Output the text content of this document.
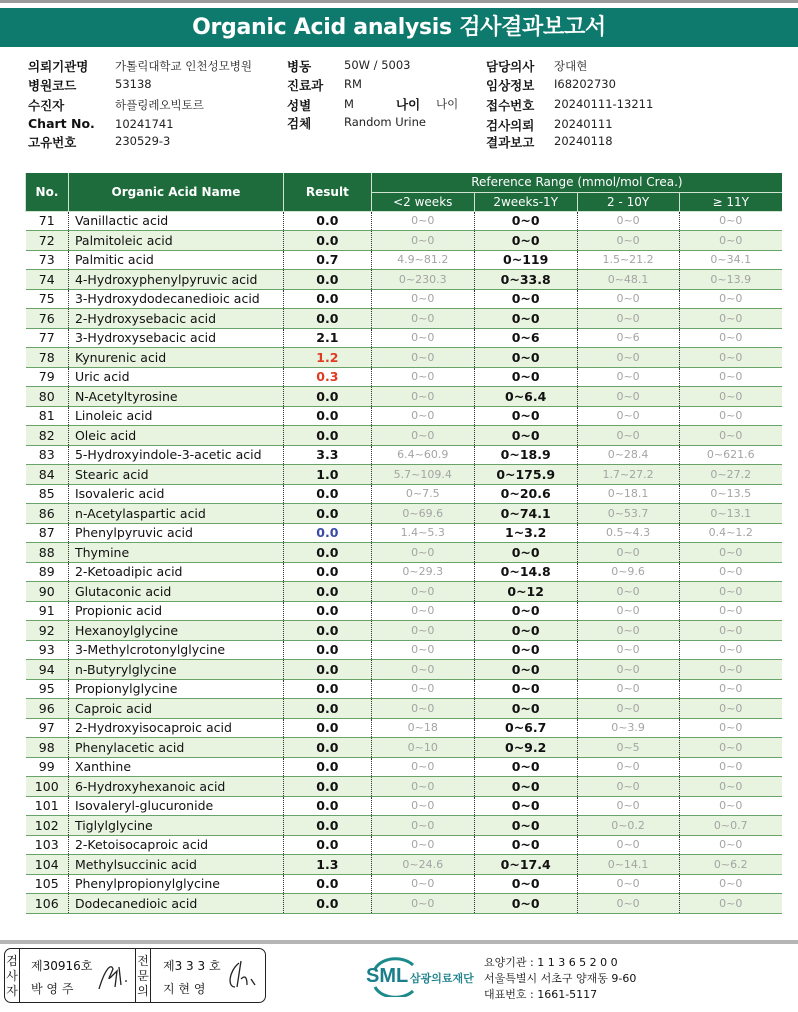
Organic Acid analysis 검사결과보고서
의뢰기관명 가톨릭대학교 인천성모병원
병원코드	53138
수진자	하플링레오빅토르
Chart No. 10241741
고유번호	230529-3
병동	50W / 5003
진료과 RM
성별	M
검체	Random Urine
담당의사 장대현
임상정보 I68202730
접수번호 20240111-13211
검사의뢰 20240111
결과보고 20240118
나이 나이
No.	Organic Acid Name	Result	Reference Range (mmol/mol Crea.)			
			<2 weeks	2weeks-1Y	2 - 10Y	≥ 11Y
71	Vanillactic acid	0.0	0~0	0~0	0~0	0~0
72	Palmitoleic acid	0.0	0~0	0~0	0~0	0~0
73	Palmitic acid	0.7	4.9~81.2	0~119	1.5~21.2	0~34.1
74	4-Hydroxyphenylpyruvic acid	0.0	0~230.3	0~33.8	0~48.1	0~13.9
75	3-Hydroxydodecanedioic acid	0.0	0~0	0~0	0~0	0~0
76	2-Hydroxysebacic acid	0.0	0~0	0~0	0~0	0~0
77	3-Hydroxysebacic acid	2.1	0~0	0~6	0~6	0~0
78	Kynurenic acid	1.2	0~0	0~0	0~0	0~0
79	Uric acid	0.3	0~0	0~0	0~0	0~0
80	N-Acetyltyrosine	0.0	0~0	0~6.4	0~0	0~0
81	Linoleic acid	0.0	0~0	0~0	0~0	0~0
82	Oleic acid	0.0	0~0	0~0	0~0	0~0
83	5-Hydroxyindole-3-acetic acid	3.3	6.4~60.9	0~18.9	0~28.4	0~621.6
84	Stearic acid	1.0	5.7~109.4	0~175.9	1.7~27.2	0~27.2
85	Isovaleric acid	0.0	0~7.5	0~20.6	0~18.1	0~13.5
86	n-Acetylaspartic acid	0.0	0~69.6	0~74.1	0~53.7	0~13.1
87	Phenylpyruvic acid	0.0	1.4~5.3	1~3.2	0.5~4.3	0.4~1.2
88	Thymine	0.0	0~0	0~0	0~0	0~0
89	2-Ketoadipic acid	0.0	0~29.3	0~14.8	0~9.6	0~0
90	Glutaconic acid	0.0	0~0	0~12	0~0	0~0
91	Propionic acid	0.0	0~0	0~0	0~0	0~0
92	Hexanoylglycine	0.0	0~0	0~0	0~0	0~0
93	3-Methylcrotonylglycine	0.0	0~0	0~0	0~0	0~0
94	n-Butyrylglycine	0.0	0~0	0~0	0~0	0~0
95	Propionylglycine	0.0	0~0	0~0	0~0	0~0
96	Caproic acid	0.0	0~0	0~0	0~0	0~0
97	2-Hydroxyisocaproic acid	0.0	0~18	0~6.7	0~3.9	0~0
98	Phenylacetic acid	0.0	0~10	0~9.2	0~5	0~0
99	Xanthine	0.0	0~0	0~0	0~0	0~0
100	6-Hydroxyhexanoic acid	0.0	0~0	0~0	0~0	0~0
101	Isovaleryl-glucuronide	0.0	0~0	0~0	0~0	0~0
102	Tiglylglycine	0.0	0~0	0~0	0~0.2	0~0.7
103	2-Ketoisocaproic acid	0.0	0~0	0~0	0~0	0~0
104	Methylsuccinic acid	1.3	0~24.6	0~17.4	0~14.1	0~6.2
105	Phenylpropionylglycine	0.0	0~0	0~0	0~0	0~0
106	Dodecanedioic acid	0.0	0~0	0~0	0~0	0~0
검사자
제30916호
박 영 주
전문의
제3 3 3 호
지 현 영
SML 삼광의료재단
요양기관 : 1 1 3 6 5 2 0 0
서울특별시 서초구 양재동 9-60
대표번호 : 1661-5117
